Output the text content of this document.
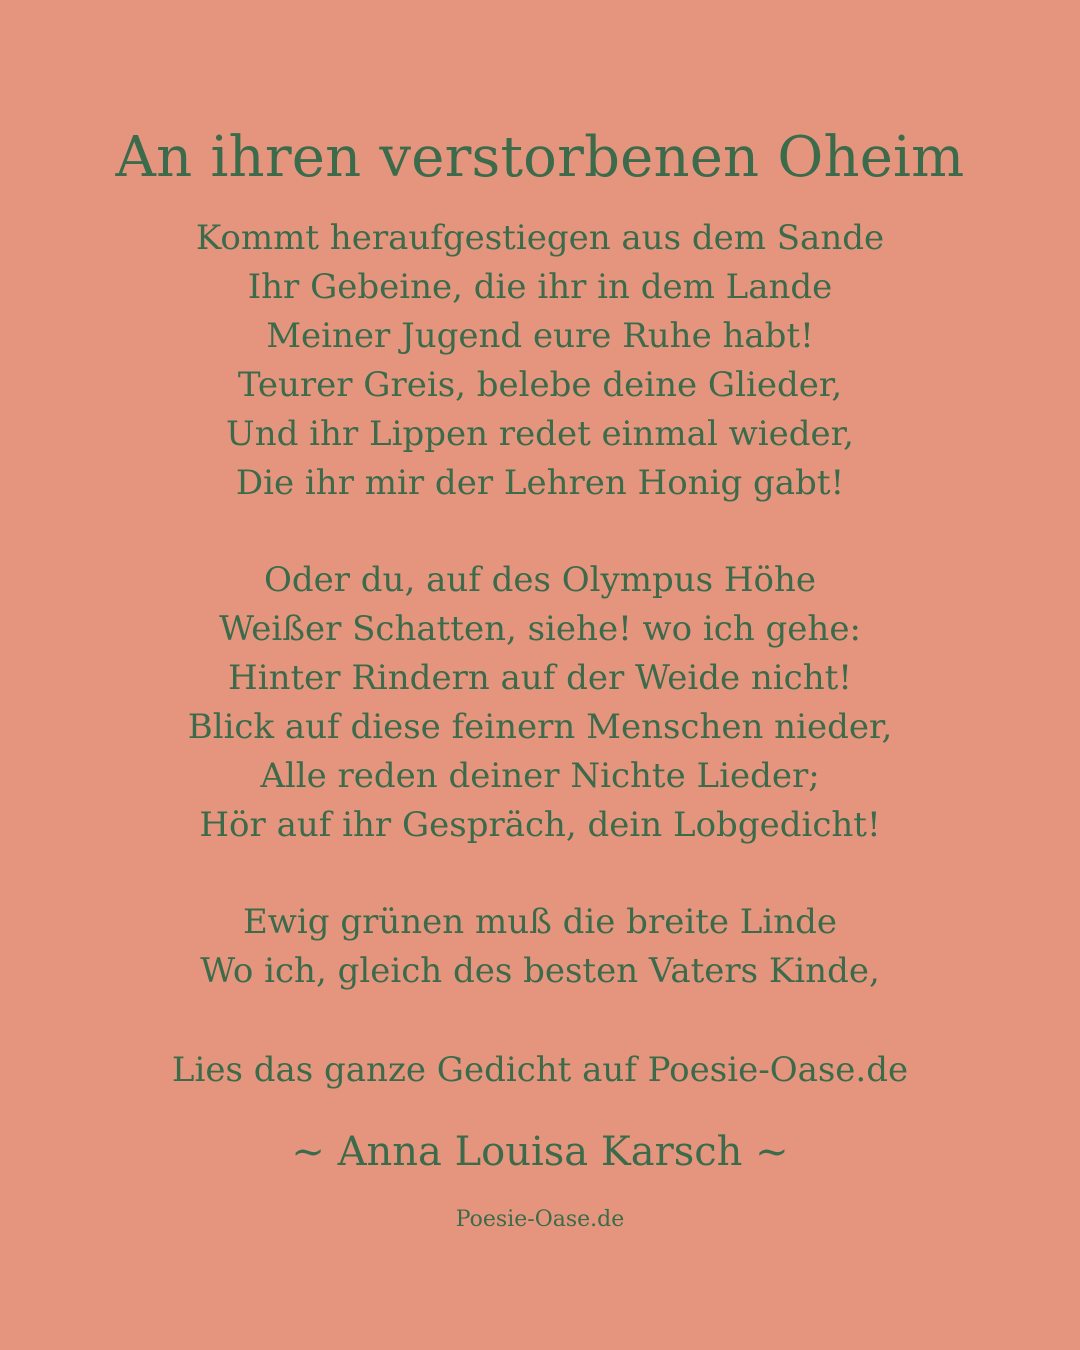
An ihren verstorbenen Oheim
Kommt heraufgestiegen aus dem Sande
Ihr Gebeine, die ihr in dem Lande
Meiner Jugend eure Ruhe habt!
Teurer Greis, belebe deine Glieder,
Und ihr Lippen redet einmal wieder,
Die ihr mir der Lehren Honig gabt!
Oder du, auf des Olympus Höhe
Weißer Schatten, siehe! wo ich gehe:
Hinter Rindern auf der Weide nicht!
Blick auf diese feinern Menschen nieder,
Alle reden deiner Nichte Lieder;
Hör auf ihr Gespräch, dein Lobgedicht!
Ewig grünen muß die breite Linde
Wo ich, gleich des besten Vaters Kinde,
Lies das ganze Gedicht auf Poesie-Oase.de
~ Anna Louisa Karsch ~
Poesie-Oase.de
